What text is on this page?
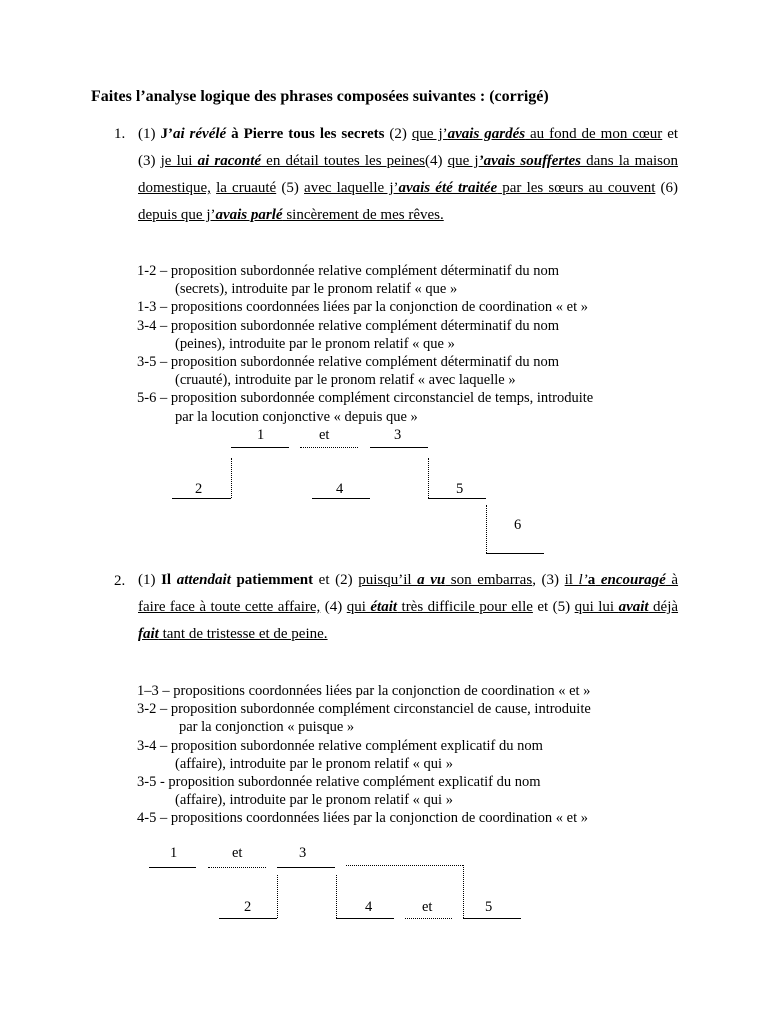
Faites l’analyse logique des phrases composées suivantes : (corrigé)
1. (1) J’ai révélé à Pierre tous les secrets (2) que j’avais gardés au fond de mon cœur et (3) je lui ai raconté en détail toutes les peines(4) que j’avais souffertes dans la maison domestique, la cruauté (5) avec laquelle j’avais été traitée par les sœurs au couvent (6) depuis que j’avais parlé sincèrement de mes rêves.
1-2 – proposition subordonnée relative complément déterminatif du nom
(secrets), introduite par le pronom relatif « que »
1-3 – propositions coordonnées liées par la conjonction de coordination « et »
3-4 – proposition subordonnée relative complément déterminatif du nom
(peines), introduite par le pronom relatif « que »
3-5 – proposition subordonnée relative complément déterminatif du nom
(cruauté), introduite par le pronom relatif « avec laquelle »
5-6 – proposition subordonnée complément circonstanciel de temps, introduite
par la locution conjonctive « depuis que »
1	et	3
2	4	5
6
2. (1) Il attendait patiemment et (2) puisqu’il a vu son embarras, (3) il l’a encouragé à faire face à toute cette affaire, (4) qui était très difficile pour elle et (5) qui lui avait déjà fait tant de tristesse et de peine.
1–3 – propositions coordonnées liées par la conjonction de coordination « et »
3-2 – proposition subordonnée complément circonstanciel de cause, introduite
par la conjonction « puisque »
3-4 – proposition subordonnée relative complément explicatif du nom
(affaire), introduite par le pronom relatif « qui »
3-5 - proposition subordonnée relative complément explicatif du nom
(affaire), introduite par le pronom relatif « qui »
4-5 – propositions coordonnées liées par la conjonction de coordination « et »
1	et	3
2	4	et	5
